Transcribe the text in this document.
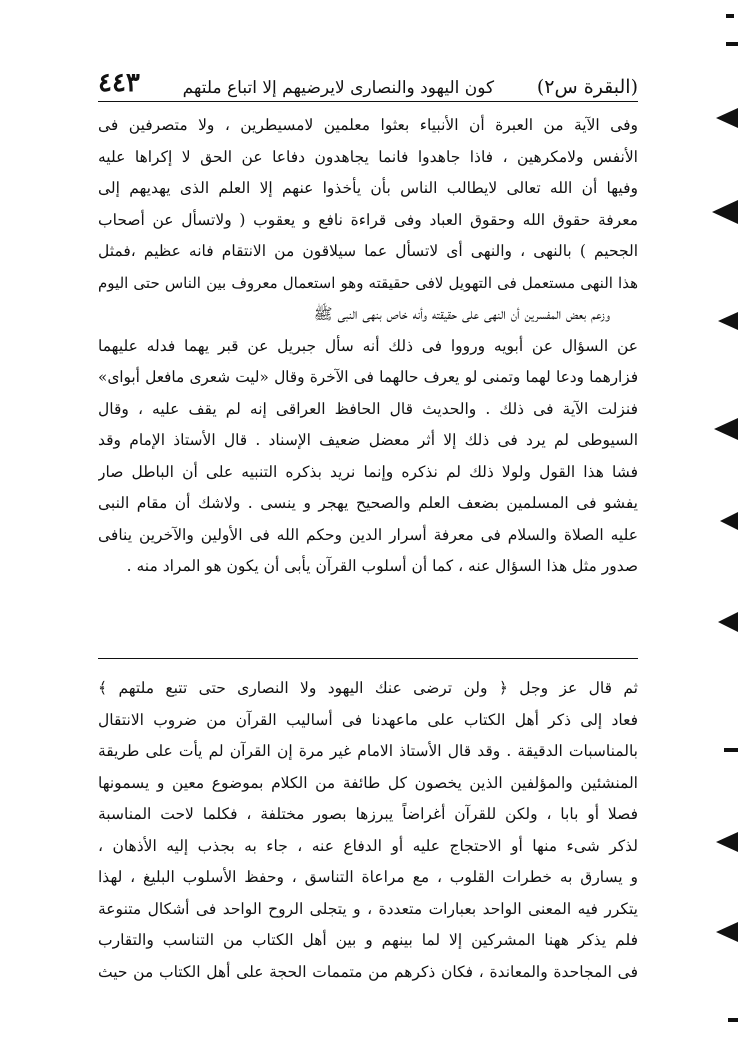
(البقرة س٢)
كون اليهود والنصارى لايرضيهم إلا اتباع ملتهم
٤٤٣
وفى الآية من العبرة أن الأنبياء بعثوا معلمين لامسيطرين ، ولا متصرفين فى
الأنفس ولامكرهين ، فاذا جاهدوا فانما يجاهدون دفاعا عن الحق لا إكراها عليه
وفيها أن الله تعالى لايطالب الناس بأن يأخذوا عنهم إلا العلم الذى يهديهم إلى
معرفة حقوق الله وحقوق العباد وفى قراءة نافع و يعقوب ( ولاتسأل عن أصحاب
الجحيم ) بالنهى ، والنهى أى لاتسأل عما سيلاقون من الانتقام فانه عظيم ،فمثل
هذا النهى مستعمل فى التهويل لافى حقيقته وهو استعمال معروف بين الناس حتى اليوم
وزعم بعض المفسرين أن النهى على حقيقته وأنه خاص بنهى النبى ﷺ
عن السؤال عن أبويه ورووا فى ذلك أنه سأل جبريل عن قبر يهما فدله عليهما
فزارهما ودعا لهما وتمنى لو يعرف حالهما فى الآخرة وقال «ليت شعرى مافعل أبواى»
فنزلت الآية فى ذلك . والحديث قال الحافظ العراقى إنه لم يقف عليه ، وقال
السيوطى لم يرد فى ذلك إلا أثر معضل ضعيف الإسناد . قال الأستاذ الإمام وقد
فشا هذا القول ولولا ذلك لم نذكره وإنما نريد بذكره التنبيه على أن الباطل صار
يفشو فى المسلمين بضعف العلم والصحيح يهجر و ينسى . ولاشك أن مقام النبى
عليه الصلاة والسلام فى معرفة أسرار الدين وحكم الله فى الأولين والآخرين ينافى
صدور مثل هذا السؤال عنه ، كما أن أسلوب القرآن يأبى أن يكون هو المراد منه .
ثم قال عز وجل ﴿ ولن ترضى عنك اليهود ولا النصارى حتى تتبع ملتهم ﴾
فعاد إلى ذكر أهل الكتاب على ماعهدنا فى أساليب القرآن من ضروب الانتقال
بالمناسبات الدقيقة . وقد قال الأستاذ الامام غير مرة إن القرآن لم يأت على طريقة
المنشئين والمؤلفين الذين يخصون كل طائفة من الكلام بموضوع معين و يسمونها
فصلا أو بابا ، ولكن للقرآن أغراضاً يبرزها بصور مختلفة ، فكلما لاحت المناسبة
لذكر شىء منها أو الاحتجاج عليه أو الدفاع عنه ، جاء به بجذب إليه الأذهان ،
و يسارق به خطرات القلوب ، مع مراعاة التناسق ، وحفظ الأسلوب البليغ ، لهذا
يتكرر فيه المعنى الواحد بعبارات متعددة ، و يتجلى الروح الواحد فى أشكال متنوعة
فلم يذكر ههنا المشركين إلا لما بينهم و بين أهل الكتاب من التناسب والتقارب
فى المجاحدة والمعاندة ، فكان ذكرهم من متممات الحجة على أهل الكتاب من حيث
